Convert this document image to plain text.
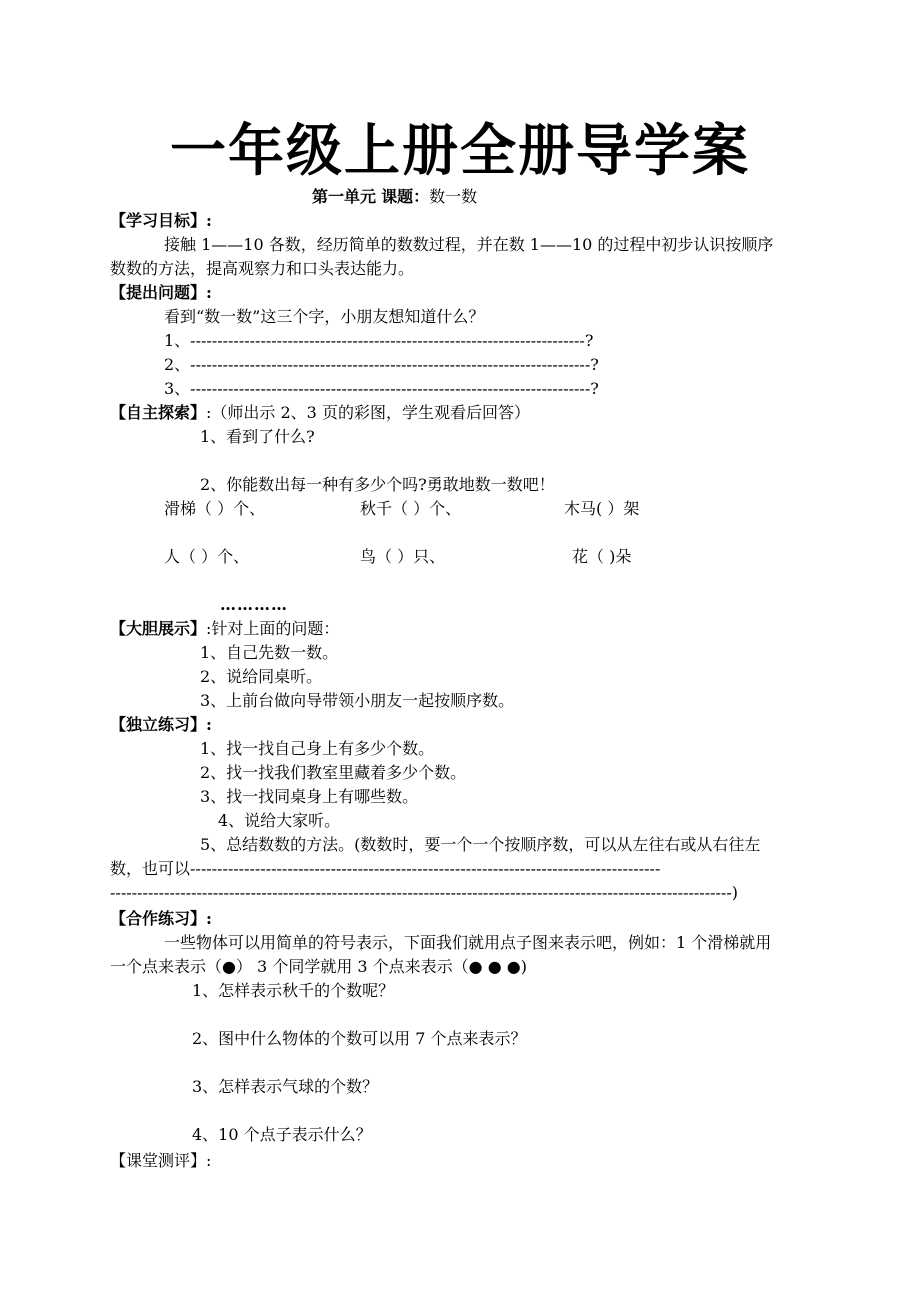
一年级上册全册导学案
第一单元 课题：数一数
【学习目标】:
接触 1——10 各数，经历简单的数数过程，并在数 1——10 的过程中初步认识按顺序
数数的方法，提高观察力和口头表达能力。
【提出问题】:
看到“数一数”这三个字，小朋友想知道什么？
1、-------------------------------------------------------------------------?
2、--------------------------------------------------------------------------?
3、--------------------------------------------------------------------------?
【自主探索】:（师出示 2、3 页的彩图，学生观看后回答）
1、看到了什么?
2、你能数出每一种有多少个吗?勇敢地数一数吧！
滑梯（ ）个、	秋千（ ）个、	木马( ）架
人（ ）个、	鸟（ ）只、	花（ )朵
…………
【大胆展示】:针对上面的问题：
1、自己先数一数。
2、说给同桌听。
3、上前台做向导带领小朋友一起按顺序数。
【独立练习】:
1、找一找自己身上有多少个数。
2、找一找我们教室里藏着多少个数。
3、找一找同桌身上有哪些数。
4、说给大家听。
5、总结数数的方法。(数数时，要一个一个按顺序数，可以从左往右或从右往左
数，也可以---------------------------------------------------------------------------------------
-------------------------------------------------------------------------------------------------------------------)
【合作练习】:
一些物体可以用简单的符号表示，下面我们就用点子图来表示吧，例如：1 个滑梯就用
一个点来表示（●） 3 个同学就用 3 个点来表示（● ● ●)
1、怎样表示秋千的个数呢？
2、图中什么物体的个数可以用 7 个点来表示？
3、怎样表示气球的个数？
4、10 个点子表示什么？
【课堂测评】:
